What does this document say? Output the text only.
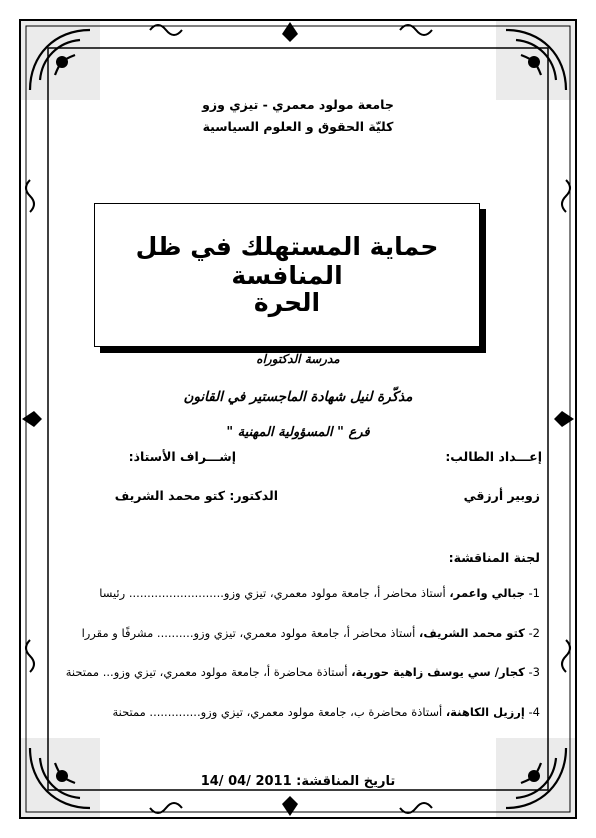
جامعة مولود معمري - تيزي وزو
كليّة الحقوق و العلوم السياسية
حماية المستهلك في ظل المنافسة
الحرة
مدرسة الدكتوراه
مذكّرة لنيل شهادة الماجستير في القانون
فرع " المسؤولية المهنية "
إعـــداد الطالب:
إشـــراف الأستاذ:
زوبير أرزقي
الدكتور: كتو محمد الشريف
لجنة المناقشة:
1- جبالي واعمر، أستاذ محاضر أ، جامعة مولود معمري، تيزي وزو.......................... رئيسا
2- كتو محمد الشريف، أستاذ محاضر أ، جامعة مولود معمري، تيزي وزو.......... مشرفًا و مقررا
3- كجار/ سي يوسف زاهية حورية، أستاذة محاضرة أ، جامعة مولود معمري، تيزي وزو... ممتحنة
4- إرزيل الكاهنة، أستاذة محاضرة ب، جامعة مولود معمري، تيزي وزو.............. ممتحنة
تاريخ المناقشة: 14/ 04/ 2011
